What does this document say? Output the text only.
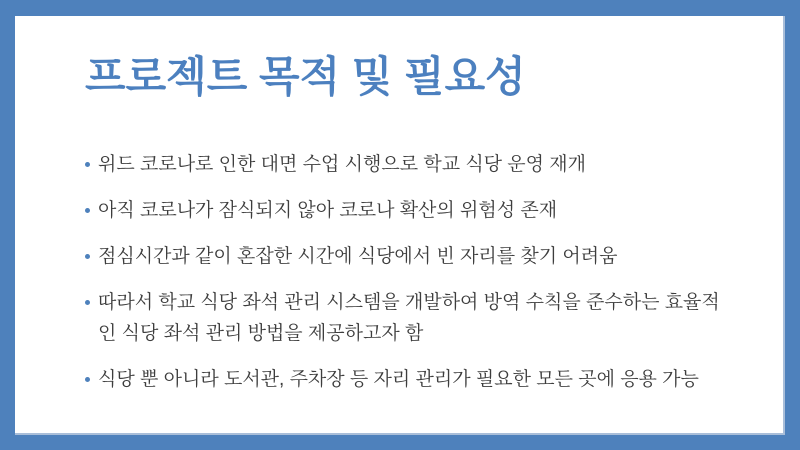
프로젝트 목적 및 필요성
위드 코로나로 인한 대면 수업 시행으로 학교 식당 운영 재개
아직 코로나가 잠식되지 않아 코로나 확산의 위험성 존재
점심시간과 같이 혼잡한 시간에 식당에서 빈 자리를 찾기 어려움
따라서 학교 식당 좌석 관리 시스템을 개발하여 방역 수칙을 준수하는 효율적인 식당 좌석 관리 방법을 제공하고자 함
식당 뿐 아니라 도서관, 주차장 등 자리 관리가 필요한 모든 곳에 응용 가능
